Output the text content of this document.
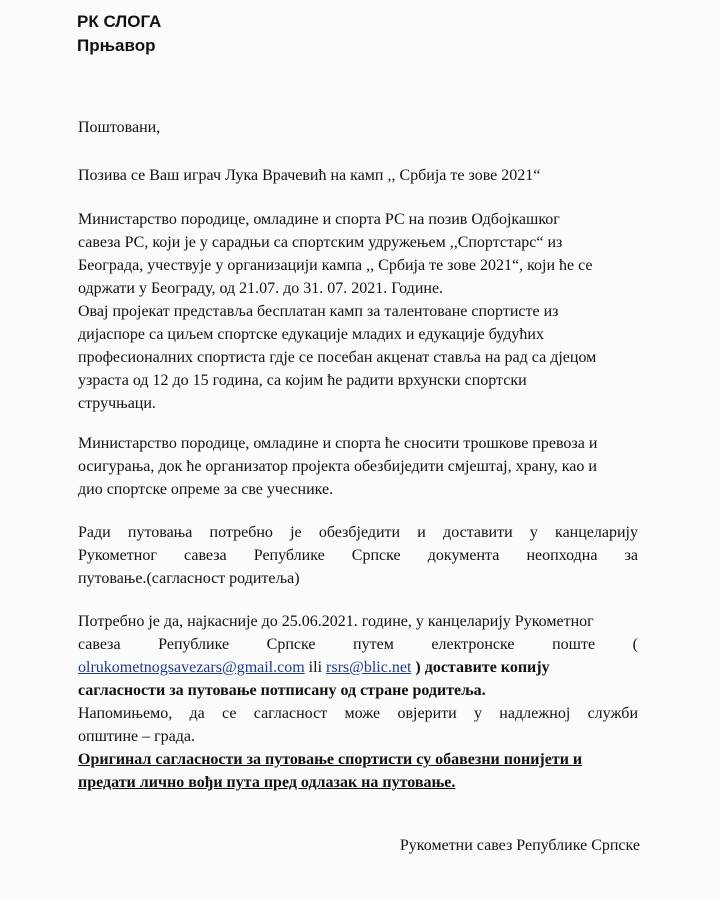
РК СЛОГА
Прњавор
Поштовани,
Позива се Ваш играч Лука Врачевић на камп ,, Србија те зове 2021“
Министарство породице, омладине и спорта РС на позив Одбојкашког
савеза РС, који је у сарадњи са спортским удружењем ,,Спортстарс“ из
Београда, учествује у организацији кампа ,, Србија те зове 2021“, који ће се
одржати у Београду, од 21.07. до 31. 07. 2021. Године.
Овај пројекат представља бесплатан камп за талентоване спортисте из
дијаспоре са циљем спортске едукације младих и едукације будућих
професионалних спортиста гдје се посебан акценат ставља на рад са дјецом
узраста од 12 до 15 година, са којим ће радити врхунски спортски
стручњаци.
Министарство породице, омладине и спорта ће сносити трошкове превоза и
осигурања, док ће организатор пројекта обезбиједити смјештај, храну, као и
дио спортске опреме за све учеснике.
Ради путовања потребно је обезбједити и доставити у канцеларију
Рукометног савеза Републике Српске документа неопходна за
путовање.(сагласност родитеља)
Потребно је да, најкасније до 25.06.2021. године, у канцеларију Рукометног
савеза Републике Српске путем електронске поште (
olrukometnogsavezars@gmail.com ili rsrs@blic.net ) доставите копију
сагласности за путовање потписану од стране родитеља.
Напомињемо, да се сагласност може овјерити у надлежној служби
општине – града.
Оригинал сагласности за путовање спортисти су обавезни понијети и
предати лично вођи пута пред одлазак на путовање.
Рукометни савез Републике Српске
